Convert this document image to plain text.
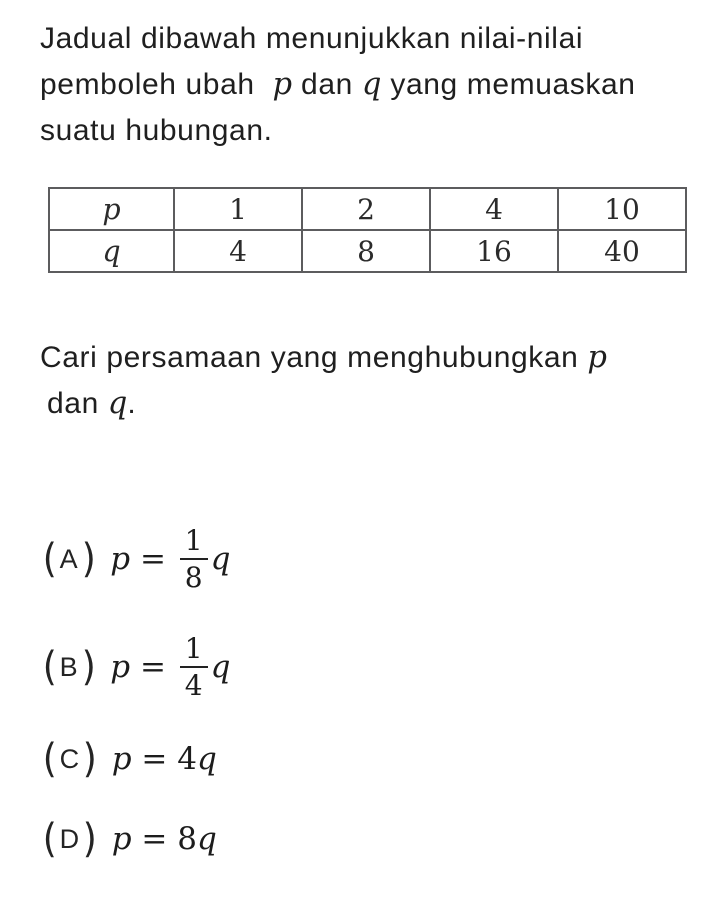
Jadual dibawah menunjukkan nilai-nilai
pemboleh ubah  p dan q yang memuaskan
suatu hubungan.
p	1	2	4	10
q	4	8	16	40
Cari persamaan yang menghubungkan p
dan q.
( A ) $p = \frac{1}{8}$ q
( B ) $p = \frac{1}{4}$ q
( C ) p = 4 q
( D ) p = 8 q
